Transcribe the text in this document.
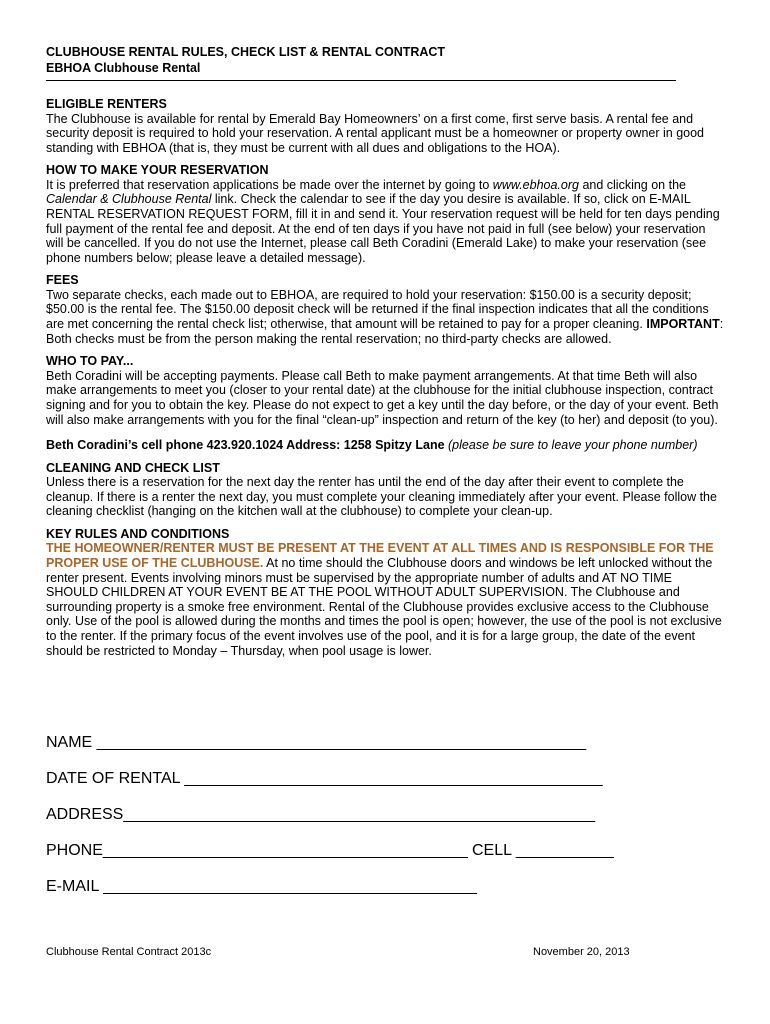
CLUBHOUSE RENTAL RULES, CHECK LIST & RENTAL CONTRACT
EBHOA Clubhouse Rental
ELIGIBLE RENTERS
The Clubhouse is available for rental by Emerald Bay Homeowners’ on a first come, first serve basis. A rental fee and security deposit is required to hold your reservation. A rental applicant must be a homeowner or property owner in good standing with EBHOA (that is, they must be current with all dues and obligations to the HOA).
HOW TO MAKE YOUR RESERVATION
It is preferred that reservation applications be made over the internet by going to www.ebhoa.org and clicking on the Calendar & Clubhouse Rental link. Check the calendar to see if the day you desire is available. If so, click on E-MAIL RENTAL RESERVATION REQUEST FORM, fill it in and send it. Your reservation request will be held for ten days pending full payment of the rental fee and deposit. At the end of ten days if you have not paid in full (see below) your reservation will be cancelled. If you do not use the Internet, please call Beth Coradini (Emerald Lake) to make your reservation (see phone numbers below; please leave a detailed message).
FEES
Two separate checks, each made out to EBHOA, are required to hold your reservation: $150.00 is a security deposit; $50.00 is the rental fee. The $150.00 deposit check will be returned if the final inspection indicates that all the conditions are met concerning the rental check list; otherwise, that amount will be retained to pay for a proper cleaning. IMPORTANT: Both checks must be from the person making the rental reservation; no third-party checks are allowed.
WHO TO PAY...
Beth Coradini will be accepting payments. Please call Beth to make payment arrangements. At that time Beth will also make arrangements to meet you (closer to your rental date) at the clubhouse for the initial clubhouse inspection, contract signing and for you to obtain the key. Please do not expect to get a key until the day before, or the day of your event. Beth will also make arrangements with you for the final “clean-up” inspection and return of the key (to her) and deposit (to you).
Beth Coradini’s cell phone 423.920.1024 Address: 1258 Spitzy Lane (please be sure to leave your phone number)
CLEANING AND CHECK LIST
Unless there is a reservation for the next day the renter has until the end of the day after their event to complete the cleanup. If there is a renter the next day, you must complete your cleaning immediately after your event. Please follow the cleaning checklist (hanging on the kitchen wall at the clubhouse) to complete your clean-up.
KEY RULES AND CONDITIONS
THE HOMEOWNER/RENTER MUST BE PRESENT AT THE EVENT AT ALL TIMES AND IS RESPONSIBLE FOR THE PROPER USE OF THE CLUBHOUSE. At no time should the Clubhouse doors and windows be left unlocked without the renter present. Events involving minors must be supervised by the appropriate number of adults and AT NO TIME SHOULD CHILDREN AT YOUR EVENT BE AT THE POOL WITHOUT ADULT SUPERVISION. The Clubhouse and surrounding property is a smoke free environment. Rental of the Clubhouse provides exclusive access to the Clubhouse only. Use of the pool is allowed during the months and times the pool is open; however, the use of the pool is not exclusive to the renter. If the primary focus of the event involves use of the pool, and it is for a large group, the date of the event should be restricted to Monday – Thursday, when pool usage is lower.
NAME _______________________________________________________
DATE OF RENTAL _______________________________________________
ADDRESS_____________________________________________________
PHONE_________________________________________ CELL ___________
E-MAIL __________________________________________
Clubhouse Rental Contract 2013c	November 20, 2013
